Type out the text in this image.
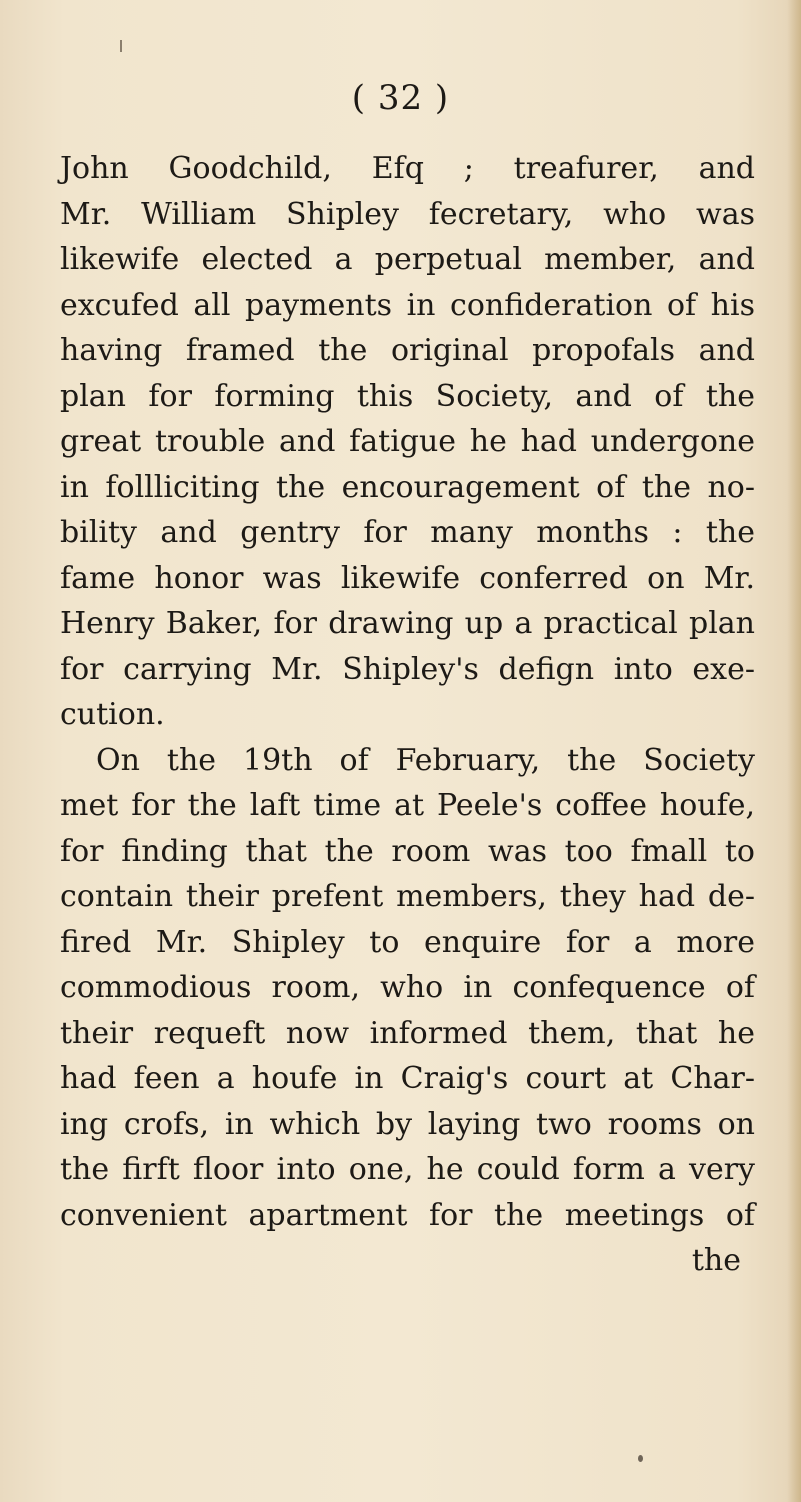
( 32 )
John Goodchild, Efq ; treafurer, and
Mr. William Shipley fecretary, who was
likewife elected a perpetual member, and
excufed all payments in confideration of his
having framed the original propofals and
plan for forming this Society, and of the
great trouble and fatigue he had undergone
in follliciting the encouragement of the no-
bility and gentry for many months : the
fame honor was likewife conferred on Mr.
Henry Baker, for drawing up a practical plan
for carrying Mr. Shipley's defign into exe-
cution.
On the 19th of February, the Society
met for the laft time at Peele's coffee houfe,
for finding that the room was too fmall to
contain their prefent members, they had de-
fired Mr. Shipley to enquire for a more
commodious room, who in confequence of
their requeft now informed them, that he
had feen a houfe in Craig's court at Char-
ing crofs, in which by laying two rooms on
the firft floor into one, he could form a very
convenient apartment for the meetings of
the
